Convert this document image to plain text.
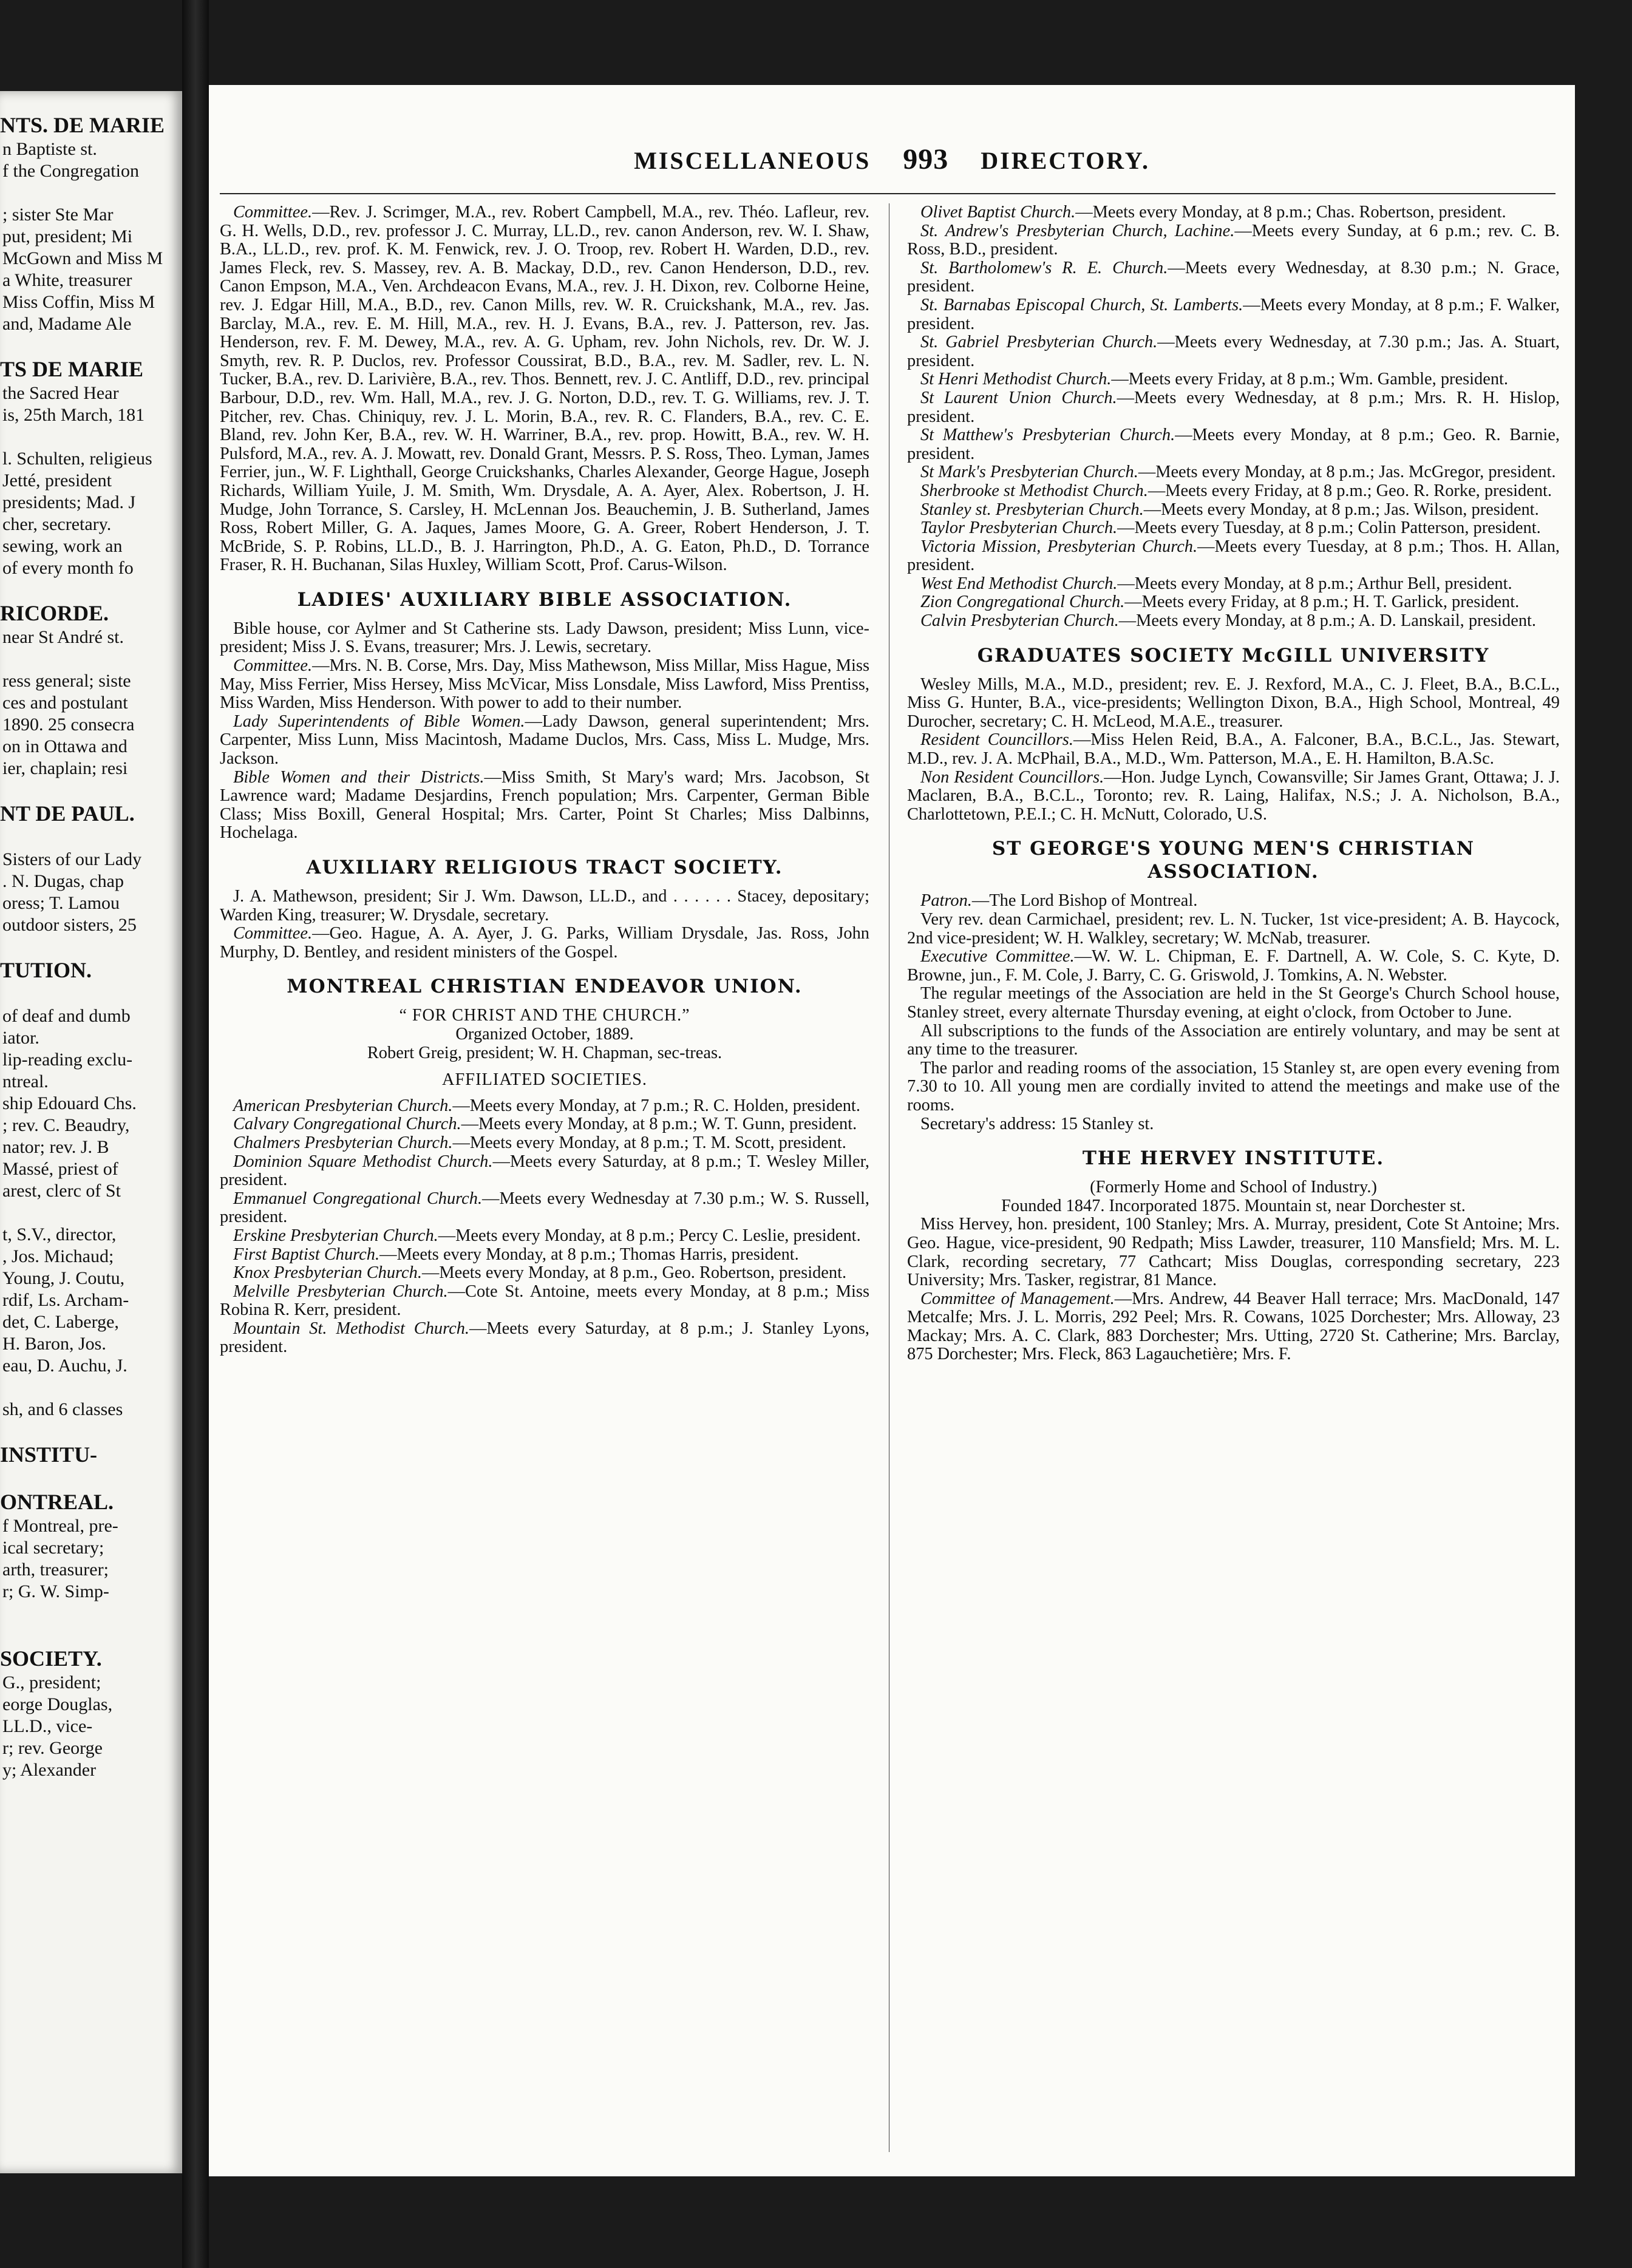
NTS. DE MARIE
n Baptiste st.
f the Congregation

; sister Ste Mar
put, president; Mi
McGown and Miss M
a White, treasurer
Miss Coffin, Miss M
and, Madame Ale
TS DE MARIE
the Sacred Hear
is, 25th March, 181

l. Schulten, religieus
Jetté, president
presidents; Mad. J
cher, secretary.
sewing, work an
of every month fo
RICORDE.
near St André st.

ress general; siste
ces and postulant
1890. 25 consecra
on in Ottawa and
ier, chaplain; resi
NT DE PAUL.

Sisters of our Lady
. N. Dugas, chap
oress; T. Lamou
outdoor sisters, 25
TUTION.

of deaf and dumb
iator.
lip-reading exclu-
ntreal.
ship Edouard Chs.
; rev. C. Beaudry,
nator; rev. J. B
Massé, priest of
arest, clerc of St

t, S.V., director,
, Jos. Michaud;
Young, J. Coutu,
rdif, Ls. Archam-
det, C. Laberge,
H. Baron, Jos.
eau, D. Auchu, J.

sh, and 6 classes
INSTITU-
ONTREAL.
f Montreal, pre-
ical secretary;
arth, treasurer;
r; G. W. Simp-

SOCIETY.
G., president;
eorge Douglas,
LL.D., vice-
r; rev. George
y; Alexander
MISCELLANEOUS 993 DIRECTORY.

Committee.—Rev. J. Scrimger, M.A., rev. Robert Campbell, M.A., rev. Théo. Lafleur, rev. G. H. Wells, D.D., rev. professor J. C. Murray, LL.D., rev. canon Anderson, rev. W. I. Shaw, B.A., LL.D., rev. prof. K. M. Fenwick, rev. J. O. Troop, rev. Robert H. Warden, D.D., rev. James Fleck, rev. S. Massey, rev. A. B. Mackay, D.D., rev. Canon Henderson, D.D., rev. Canon Empson, M.A., Ven. Archdeacon Evans, M.A., rev. J. H. Dixon, rev. Colborne Heine, rev. J. Edgar Hill, M.A., B.D., rev. Canon Mills, rev. W. R. Cruickshank, M.A., rev. Jas. Barclay, M.A., rev. E. M. Hill, M.A., rev. H. J. Evans, B.A., rev. J. Patterson, rev. Jas. Henderson, rev. F. M. Dewey, M.A., rev. A. G. Upham, rev. John Nichols, rev. Dr. W. J. Smyth, rev. R. P. Duclos, rev. Professor Coussirat, B.D., B.A., rev. M. Sadler, rev. L. N. Tucker, B.A., rev. D. Larivière, B.A., rev. Thos. Bennett, rev. J. C. Antliff, D.D., rev. principal Barbour, D.D., rev. Wm. Hall, M.A., rev. J. G. Norton, D.D., rev. T. G. Williams, rev. J. T. Pitcher, rev. Chas. Chiniquy, rev. J. L. Morin, B.A., rev. R. C. Flanders, B.A., rev. C. E. Bland, rev. John Ker, B.A., rev. W. H. Warriner, B.A., rev. prop. Howitt, B.A., rev. W. H. Pulsford, M.A., rev. A. J. Mowatt, rev. Donald Grant, Messrs. P. S. Ross, Theo. Lyman, James Ferrier, jun., W. F. Lighthall, George Cruickshanks, Charles Alexander, George Hague, Joseph Richards, William Yuile, J. M. Smith, Wm. Drysdale, A. A. Ayer, Alex. Robertson, J. H. Mudge, John Torrance, S. Carsley, H. McLennan Jos. Beauchemin, J. B. Sutherland, James Ross, Robert Miller, G. A. Jaques, James Moore, G. A. Greer, Robert Henderson, J. T. McBride, S. P. Robins, LL.D., B. J. Harrington, Ph.D., A. G. Eaton, Ph.D., D. Torrance Fraser, R. H. Buchanan, Silas Huxley, William Scott, Prof. Carus-Wilson.

LADIES' AUXILIARY BIBLE ASSOCIATION.

Bible house, cor Aylmer and St Catherine sts. Lady Dawson, president; Miss Lunn, vice-president; Miss J. S. Evans, treasurer; Mrs. J. Lewis, secretary.

Committee.—Mrs. N. B. Corse, Mrs. Day, Miss Mathewson, Miss Millar, Miss Hague, Miss May, Miss Ferrier, Miss Hersey, Miss McVicar, Miss Lonsdale, Miss Lawford, Miss Prentiss, Miss Warden, Miss Henderson. With power to add to their number.

Lady Superintendents of Bible Women.—Lady Dawson, general superintendent; Mrs. Carpenter, Miss Lunn, Miss Macintosh, Madame Duclos, Mrs. Cass, Miss L. Mudge, Mrs. Jackson.

Bible Women and their Districts.—Miss Smith, St Mary's ward; Mrs. Jacobson, St Lawrence ward; Madame Desjardins, French population; Mrs. Carpenter, German Bible Class; Miss Boxill, General Hospital; Mrs. Carter, Point St Charles; Miss Dalbinns, Hochelaga.

AUXILIARY RELIGIOUS TRACT SOCIETY.

J. A. Mathewson, president; Sir J. Wm. Dawson, LL.D., and . . . . . . Stacey, depositary; Warden King, treasurer; W. Drysdale, secretary.

Committee.—Geo. Hague, A. A. Ayer, J. G. Parks, William Drysdale, Jas. Ross, John Murphy, D. Bentley, and resident ministers of the Gospel.

MONTREAL CHRISTIAN ENDEAVOR UNION.
“ FOR CHRIST AND THE CHURCH.”
Organized October, 1889.
Robert Greig, president; W. H. Chapman, sec-treas.
AFFILIATED SOCIETIES.

American Presbyterian Church.—Meets every Monday, at 7 p.m.; R. C. Holden, president.

Calvary Congregational Church.—Meets every Monday, at 8 p.m.; W. T. Gunn, president.

Chalmers Presbyterian Church.—Meets every Monday, at 8 p.m.; T. M. Scott, president.

Dominion Square Methodist Church.—Meets every Saturday, at 8 p.m.; T. Wesley Miller, president.

Emmanuel Congregational Church.—Meets every Wednesday at 7.30 p.m.; W. S. Russell, president.

Erskine Presbyterian Church.—Meets every Monday, at 8 p.m.; Percy C. Leslie, president.

First Baptist Church.—Meets every Monday, at 8 p.m.; Thomas Harris, president.

Knox Presbyterian Church.—Meets every Monday, at 8 p.m., Geo. Robertson, president.

Melville Presbyterian Church.—Cote St. Antoine, meets every Monday, at 8 p.m.; Miss Robina R. Kerr, president.

Mountain St. Methodist Church.—Meets every Saturday, at 8 p.m.; J. Stanley Lyons, president.

Olivet Baptist Church.—Meets every Monday, at 8 p.m.; Chas. Robertson, president.

St. Andrew's Presbyterian Church, Lachine.—Meets every Sunday, at 6 p.m.; rev. C. B. Ross, B.D., president.

St. Bartholomew's R. E. Church.—Meets every Wednesday, at 8.30 p.m.; N. Grace, president.

St. Barnabas Episcopal Church, St. Lamberts.—Meets every Monday, at 8 p.m.; F. Walker, president.

St. Gabriel Presbyterian Church.—Meets every Wednesday, at 7.30 p.m.; Jas. A. Stuart, president.

St Henri Methodist Church.—Meets every Friday, at 8 p.m.; Wm. Gamble, president.

St Laurent Union Church.—Meets every Wednesday, at 8 p.m.; Mrs. R. H. Hislop, president.

St Matthew's Presbyterian Church.—Meets every Monday, at 8 p.m.; Geo. R. Barnie, president.

St Mark's Presbyterian Church.—Meets every Monday, at 8 p.m.; Jas. McGregor, president.

Sherbrooke st Methodist Church.—Meets every Friday, at 8 p.m.; Geo. R. Rorke, president.

Stanley st. Presbyterian Church.—Meets every Monday, at 8 p.m.; Jas. Wilson, president.

Taylor Presbyterian Church.—Meets every Tuesday, at 8 p.m.; Colin Patterson, president.

Victoria Mission, Presbyterian Church.—Meets every Tuesday, at 8 p.m.; Thos. H. Allan, president.

West End Methodist Church.—Meets every Monday, at 8 p.m.; Arthur Bell, president.

Zion Congregational Church.—Meets every Friday, at 8 p.m.; H. T. Garlick, president.

Calvin Presbyterian Church.—Meets every Monday, at 8 p.m.; A. D. Lanskail, president.

GRADUATES SOCIETY McGILL UNIVERSITY

Wesley Mills, M.A., M.D., president; rev. E. J. Rexford, M.A., C. J. Fleet, B.A., B.C.L., Miss G. Hunter, B.A., vice-presidents; Wellington Dixon, B.A., High School, Montreal, 49 Durocher, secretary; C. H. McLeod, M.A.E., treasurer.

Resident Councillors.—Miss Helen Reid, B.A., A. Falconer, B.A., B.C.L., Jas. Stewart, M.D., rev. J. A. McPhail, B.A., M.D., Wm. Patterson, M.A., E. H. Hamilton, B.A.Sc.

Non Resident Councillors.—Hon. Judge Lynch, Cowansville; Sir James Grant, Ottawa; J. J. Maclaren, B.A., B.C.L., Toronto; rev. R. Laing, Halifax, N.S.; J. A. Nicholson, B.A., Charlottetown, P.E.I.; C. H. McNutt, Colorado, U.S.

ST GEORGE'S YOUNG MEN'S CHRISTIAN ASSOCIATION.

Patron.—The Lord Bishop of Montreal.

Very rev. dean Carmichael, president; rev. L. N. Tucker, 1st vice-president; A. B. Haycock, 2nd vice-president; W. H. Walkley, secretary; W. McNab, treasurer.

Executive Committee.—W. W. L. Chipman, E. F. Dartnell, A. W. Cole, S. C. Kyte, D. Browne, jun., F. M. Cole, J. Barry, C. G. Griswold, J. Tomkins, A. N. Webster.

The regular meetings of the Association are held in the St George's Church School house, Stanley street, every alternate Thursday evening, at eight o'clock, from October to June.

All subscriptions to the funds of the Association are entirely voluntary, and may be sent at any time to the treasurer.

The parlor and reading rooms of the association, 15 Stanley st, are open every evening from 7.30 to 10. All young men are cordially invited to attend the meetings and make use of the rooms.

Secretary's address: 15 Stanley st.

THE HERVEY INSTITUTE.
(Formerly Home and School of Industry.)
Founded 1847. Incorporated 1875. Mountain st, near Dorchester st.

Miss Hervey, hon. president, 100 Stanley; Mrs. A. Murray, president, Cote St Antoine; Mrs. Geo. Hague, vice-president, 90 Redpath; Miss Lawder, treasurer, 110 Mansfield; Mrs. M. L. Clark, recording secretary, 77 Cathcart; Miss Douglas, corresponding secretary, 223 University; Mrs. Tasker, registrar, 81 Mance.

Committee of Management.—Mrs. Andrew, 44 Beaver Hall terrace; Mrs. MacDonald, 147 Metcalfe; Mrs. J. L. Morris, 292 Peel; Mrs. R. Cowans, 1025 Dorchester; Mrs. Alloway, 23 Mackay; Mrs. A. C. Clark, 883 Dorchester; Mrs. Utting, 2720 St. Catherine; Mrs. Barclay, 875 Dorchester; Mrs. Fleck, 863 Lagauchetière; Mrs. F.
